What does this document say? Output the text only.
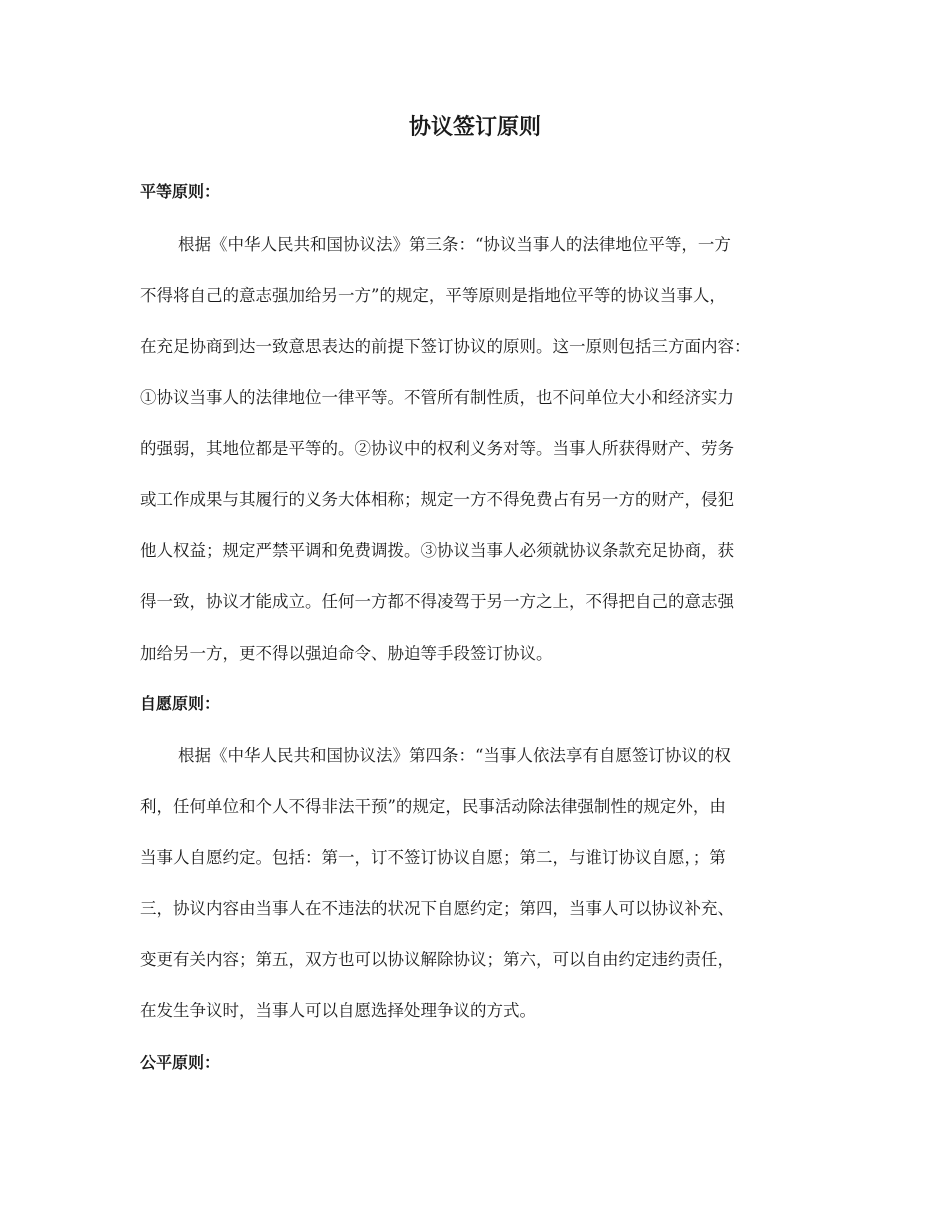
协议签订原则
平等原则：
根据《中华人民共和国协议法》第三条：“协议当事人的法律地位平等，一方
不得将自己的意志强加给另一方”的规定，平等原则是指地位平等的协议当事人，
在充足协商到达一致意思表达的前提下签订协议的原则。这一原则包括三方面内容：
①协议当事人的法律地位一律平等。不管所有制性质，也不问单位大小和经济实力
的强弱，其地位都是平等的。②协议中的权利义务对等。当事人所获得财产、劳务
或工作成果与其履行的义务大体相称；规定一方不得免费占有另一方的财产，侵犯
他人权益；规定严禁平调和免费调拨。③协议当事人必须就协议条款充足协商，获
得一致，协议才能成立。任何一方都不得凌驾于另一方之上，不得把自己的意志强
加给另一方，更不得以强迫命令、胁迫等手段签订协议。
自愿原则：
根据《中华人民共和国协议法》第四条：“当事人依法享有自愿签订协议的权
利，任何单位和个人不得非法干预”的规定，民事活动除法律强制性的规定外，由
当事人自愿约定。包括：第一，订不签订协议自愿；第二，与谁订协议自愿，；第
三，协议内容由当事人在不违法的状况下自愿约定；第四，当事人可以协议补充、
变更有关内容；第五，双方也可以协议解除协议；第六，可以自由约定违约责任，
在发生争议时，当事人可以自愿选择处理争议的方式。
公平原则：
